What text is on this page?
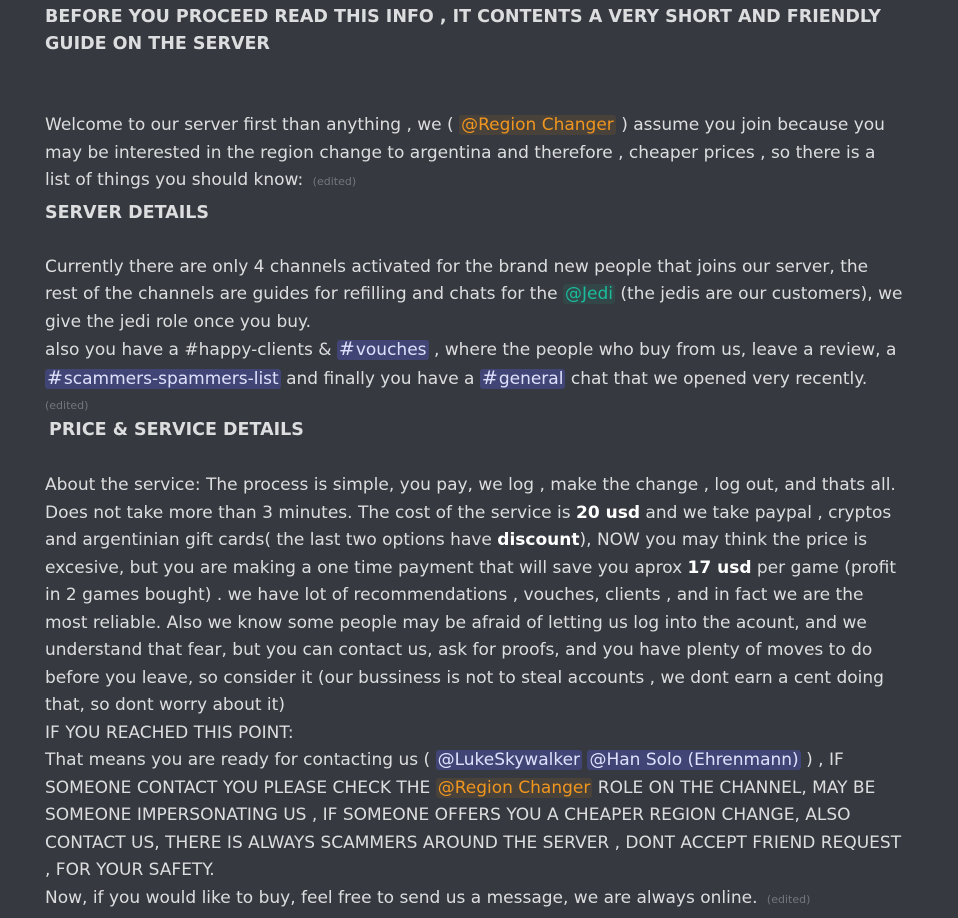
BEFORE YOU PROCEED READ THIS INFO , IT CONTENTS A VERY SHORT AND FRIENDLY GUIDE ON THE SERVER

Welcome to our server first than anything , we ( @Region Changer ) assume you join because you may be interested in the region change to argentina and therefore , cheaper prices , so there is a list of things you should know: (edited)

SERVER DETAILS

Currently there are only 4 channels activated for the brand new people that joins our server, the rest of the channels are guides for refilling and chats for the @Jedi (the jedis are our customers), we give the jedi role once you buy.
also you have a #happy-clients & #vouches , where the people who buy from us, leave a review, a #scammers-spammers-list and finally you have a #general chat that we opened very recently.

(edited)
PRICE & SERVICE DETAILS

About the service: The process is simple, you pay, we log , make the change , log out, and thats all. Does not take more than 3 minutes. The cost of the service is 20 usd and we take paypal , cryptos and argentinian gift cards( the last two options have discount), NOW you may think the price is excesive, but you are making a one time payment that will save you aprox 17 usd per game (profit in 2 games bought) . we have lot of recommendations , vouches, clients , and in fact we are the most reliable. Also we know some people may be afraid of letting us log into the acount, and we understand that fear, but you can contact us, ask for proofs, and you have plenty of moves to do before you leave, so consider it (our bussiness is not to steal accounts , we dont earn a cent doing that, so dont worry about it)
IF YOU REACHED THIS POINT:
That means you are ready for contacting us ( @LukeSkywalker @Han Solo (Ehrenmann) ) , IF SOMEONE CONTACT YOU PLEASE CHECK THE @Region Changer ROLE ON THE CHANNEL, MAY BE SOMEONE IMPERSONATING US , IF SOMEONE OFFERS YOU A CHEAPER REGION CHANGE, ALSO CONTACT US, THERE IS ALWAYS SCAMMERS AROUND THE SERVER , DONT ACCEPT FRIEND REQUEST , FOR YOUR SAFETY.
Now, if you would like to buy, feel free to send us a message, we are always online. (edited)
